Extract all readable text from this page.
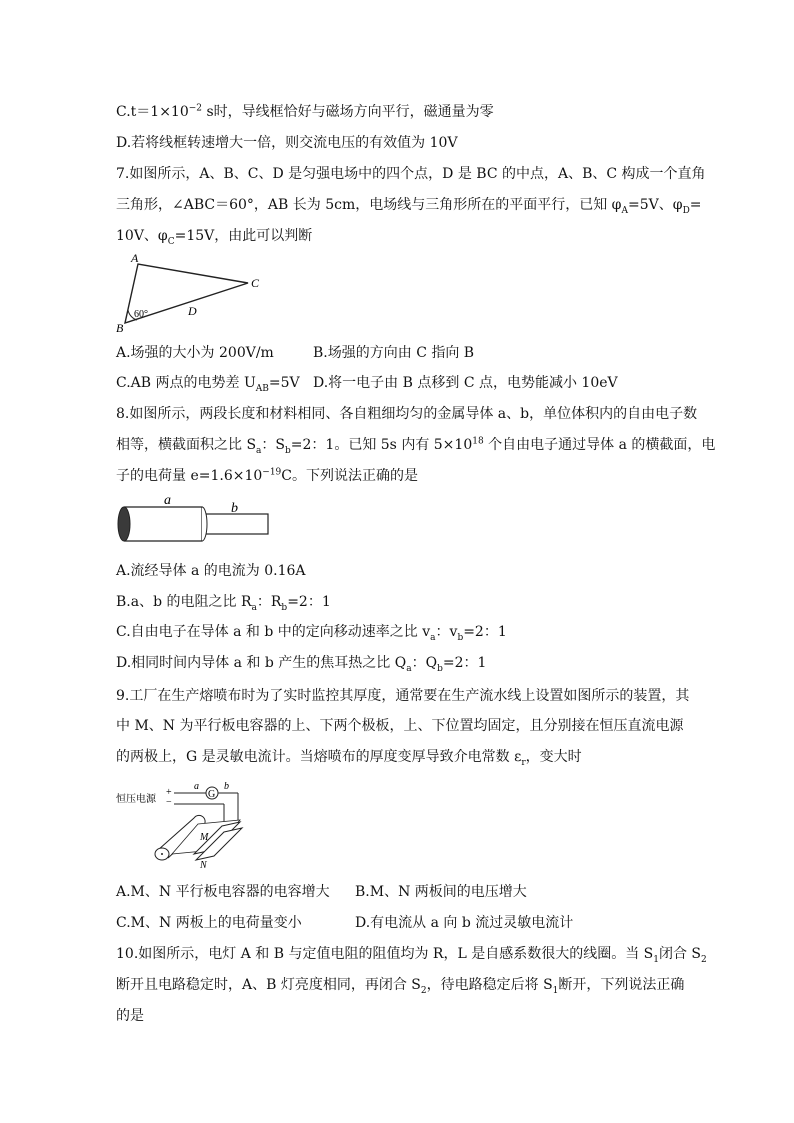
$C.t=1\times 10^{-2}$ s时，导线框恰好与磁场方向平行，磁通量为零
D.若将线框转速增大一倍，则交流电压的有效值为 10V
7.如图所示，A、B、C、D 是匀强电场中的四个点，D 是 BC 的中点，A、B、C 构成一个直角
三角形，∠ABC＝60°，AB 长为 5cm，电场线与三角形所在的平面平行，已知 $\varphi_A=5V$、$\varphi_D=$
10V、$\varphi_C=15V$，由此可以判断
A
B
C
D
60°
A.场强的大小为 200V/m	B.场强的方向由 C 指向 B
C.AB 两点的电势差 $U_{AB}=5V$ D.将一电子由 B 点移到 C 点，电势能减小 10eV
8.如图所示，两段长度和材料相同、各自粗细均匀的金属导体 a、b，单位体积内的自由电子数
相等，横截面积之比 $S_a$：$S_b=2$：1。已知 5s 内有 $5\times 10^{18}$ 个自由电子通过导体 a 的横截面，电
子的电荷量 $e=1.6\times 10^{-19}C$。下列说法正确的是
a
b
A.流经导体 a 的电流为 0.16A
B.a、b 的电阻之比 $R_a$：$R_b=2$：1
C.自由电子在导体 a 和 b 中的定向移动速率之比 $v_a$：$v_b=2$：1
D.相同时间内导体 a 和 b 产生的焦耳热之比 $Q_a$：$Q_b=2$：1
9.工厂在生产熔喷布时为了实时监控其厚度，通常要在生产流水线上设置如图所示的装置，其
中 M、N 为平行板电容器的上、下两个极板，上、下位置均固定，且分别接在恒压直流电源
的两极上，G 是灵敏电流计。当熔喷布的厚度变厚导致介电常数 $\varepsilon_r$，变大时
恒压电源
+
−
G
a	b
M
N
A.M、N 平行板电容器的电容增大 B.M、N 两板间的电压增大
C.M、N 两板上的电荷量变小	D.有电流从 a 向 b 流过灵敏电流计
10.如图所示，电灯 A 和 B 与定值电阻的阻值均为 R，L 是自感系数很大的线圈。当 $S_1$闭合 $S_2$
断开且电路稳定时，A、B 灯亮度相同，再闭合 $S_2$，待电路稳定后将 $S_1$断开，下列说法正确
的是
